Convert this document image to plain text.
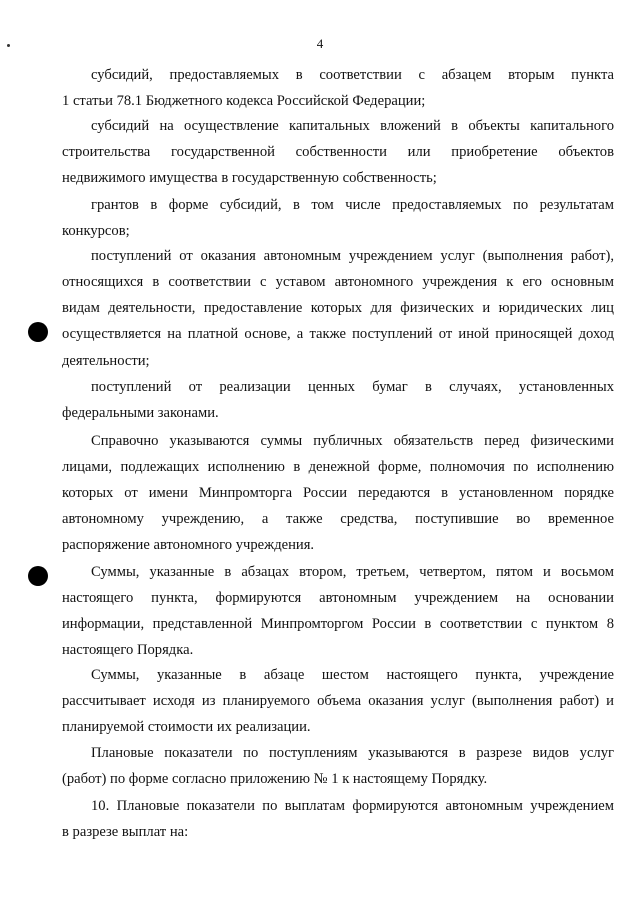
4
субсидий, предоставляемых в соответствии с абзацем вторым пункта
1 статьи 78.1 Бюджетного кодекса Российской Федерации;
субсидий на осуществление капитальных вложений в объекты капитального
строительства государственной собственности или приобретение объектов
недвижимого имущества в государственную собственность;
грантов в форме субсидий, в том числе предоставляемых по результатам
конкурсов;
поступлений от оказания автономным учреждением услуг (выполнения работ),
относящихся в соответствии с уставом автономного учреждения к его основным
видам деятельности, предоставление которых для физических и юридических лиц
осуществляется на платной основе, а также поступлений от иной приносящей доход
деятельности;
поступлений от реализации ценных бумаг в случаях, установленных
федеральными законами.
Справочно указываются суммы публичных обязательств перед физическими
лицами, подлежащих исполнению в денежной форме, полномочия по исполнению
которых от имени Минпромторга России передаются в установленном порядке
автономному учреждению, а также средства, поступившие во временное
распоряжение автономного учреждения.
Суммы, указанные в абзацах втором, третьем, четвертом, пятом и восьмом
настоящего пункта, формируются автономным учреждением на основании
информации, представленной Минпромторгом России в соответствии с пунктом 8
настоящего Порядка.
Суммы, указанные в абзаце шестом настоящего пункта, учреждение
рассчитывает исходя из планируемого объема оказания услуг (выполнения работ) и
планируемой стоимости их реализации.
Плановые показатели по поступлениям указываются в разрезе видов услуг
(работ) по форме согласно приложению № 1 к настоящему Порядку.
10. Плановые показатели по выплатам формируются автономным учреждением
в разрезе выплат на:
